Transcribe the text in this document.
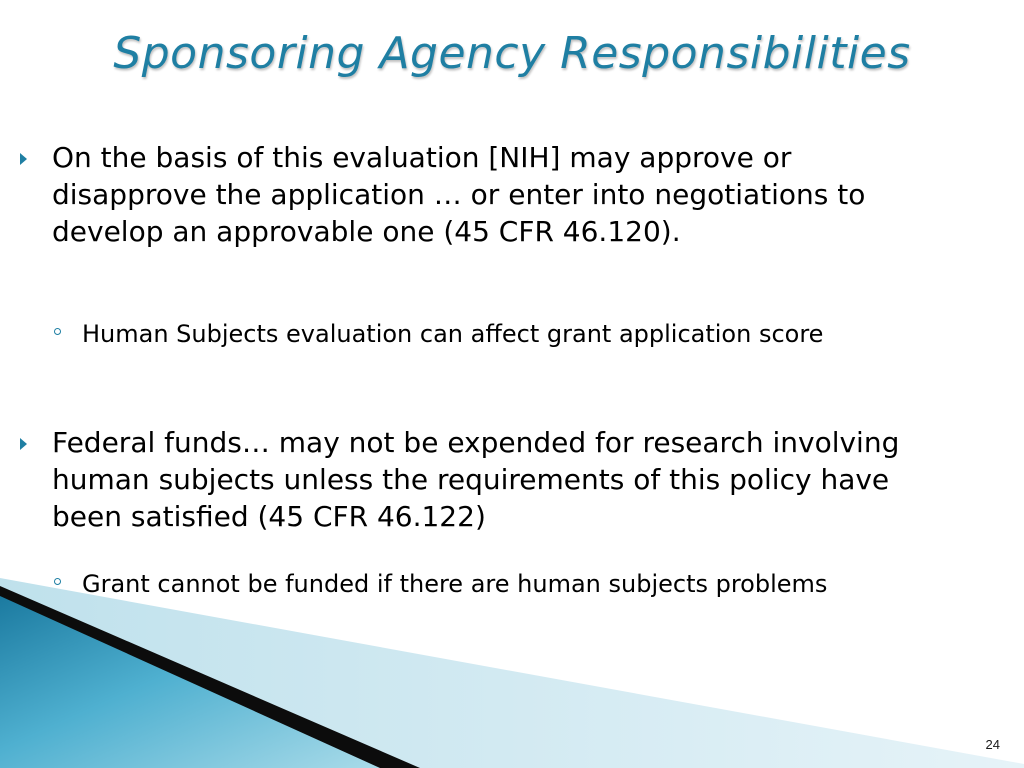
Sponsoring Agency Responsibilities
On the basis of this evaluation [NIH] may approve or disapprove the application … or enter into negotiations to develop an approvable one (45 CFR 46.120).
Human Subjects evaluation can affect grant application score
Federal funds… may not be expended for research involving human subjects unless the requirements of this policy have been satisfied (45 CFR 46.122)
Grant cannot be funded if there are human subjects problems
24
